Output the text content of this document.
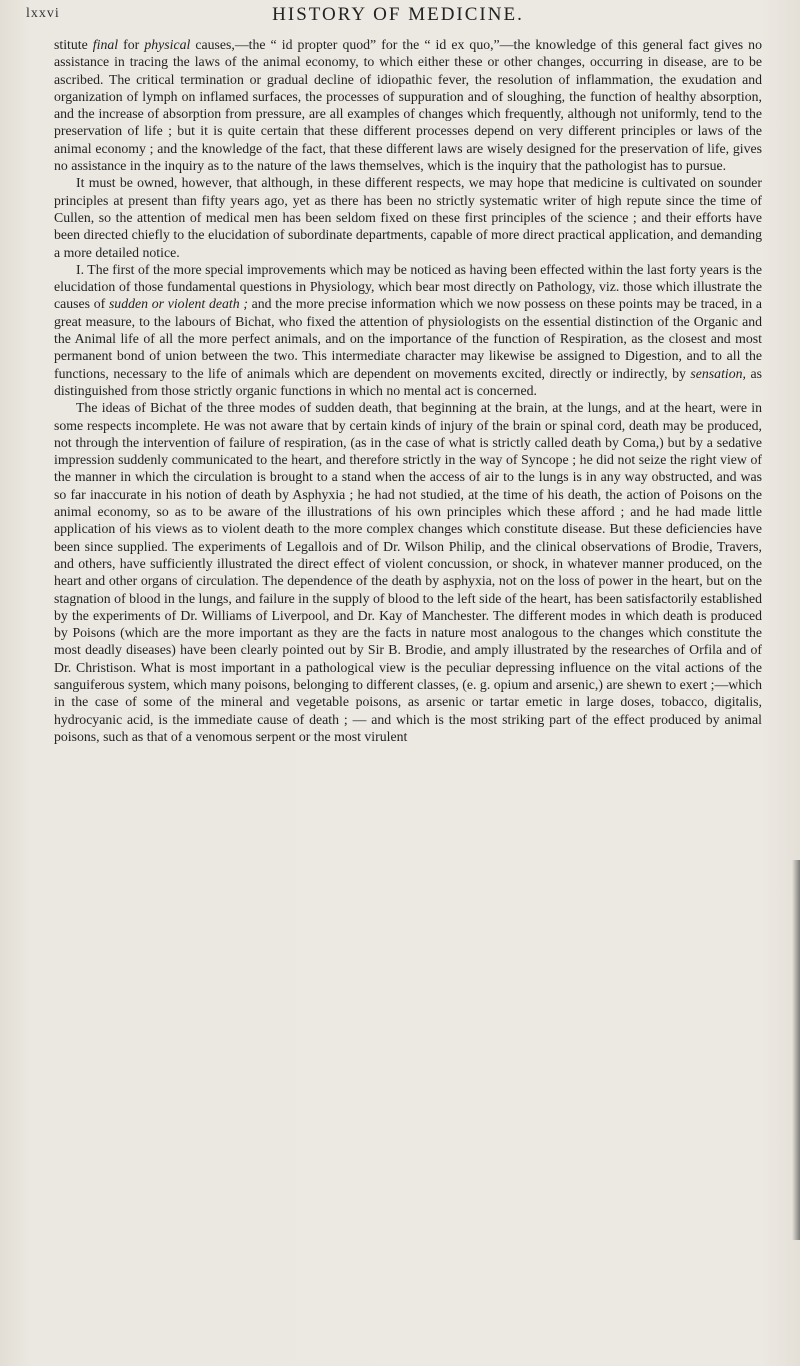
lxxvi	HISTORY OF MEDICINE.

stitute final for physical causes,—the “ id propter quod” for the “ id ex quo,”—the knowledge of this general fact gives no assistance in tracing the laws of the animal economy, to which either these or other changes, occurring in disease, are to be ascribed. The critical termination or gradual decline of idiopathic fever, the resolution of inflammation, the exudation and organization of lymph on inflamed surfaces, the processes of suppuration and of sloughing, the function of healthy absorption, and the increase of absorption from pressure, are all examples of changes which frequently, although not uniformly, tend to the preservation of life ; but it is quite certain that these different processes depend on very different principles or laws of the animal economy ; and the knowledge of the fact, that these different laws are wisely designed for the preservation of life, gives no assistance in the inquiry as to the nature of the laws themselves, which is the inquiry that the pathologist has to pursue.

It must be owned, however, that although, in these different respects, we may hope that medicine is cultivated on sounder principles at present than fifty years ago, yet as there has been no strictly systematic writer of high repute since the time of Cullen, so the attention of medical men has been seldom fixed on these first principles of the science ; and their efforts have been directed chiefly to the elucidation of subordinate departments, capable of more direct practical application, and demanding a more detailed notice.

I. The first of the more special improvements which may be noticed as having been effected within the last forty years is the elucidation of those fundamental questions in Physiology, which bear most directly on Pathology, viz. those which illustrate the causes of sudden or violent death ; and the more precise information which we now possess on these points may be traced, in a great measure, to the labours of Bichat, who fixed the attention of physiologists on the essential distinction of the Organic and the Animal life of all the more perfect animals, and on the importance of the function of Respiration, as the closest and most permanent bond of union between the two. This intermediate character may likewise be assigned to Digestion, and to all the functions, necessary to the life of animals which are dependent on movements excited, directly or indirectly, by sensation, as distinguished from those strictly organic functions in which no mental act is concerned.

The ideas of Bichat of the three modes of sudden death, that beginning at the brain, at the lungs, and at the heart, were in some respects incomplete. He was not aware that by certain kinds of injury of the brain or spinal cord, death may be produced, not through the intervention of failure of respiration, (as in the case of what is strictly called death by Coma,) but by a sedative impression suddenly communicated to the heart, and therefore strictly in the way of Syncope ; he did not seize the right view of the manner in which the circulation is brought to a stand when the access of air to the lungs is in any way obstructed, and was so far inaccurate in his notion of death by Asphyxia ; he had not studied, at the time of his death, the action of Poisons on the animal economy, so as to be aware of the illustrations of his own principles which these afford ; and he had made little application of his views as to violent death to the more complex changes which constitute disease. But these deficiencies have been since supplied. The experiments of Legallois and of Dr. Wilson Philip, and the clinical observations of Brodie, Travers, and others, have sufficiently illustrated the direct effect of violent concussion, or shock, in whatever manner produced, on the heart and other organs of circulation. The dependence of the death by asphyxia, not on the loss of power in the heart, but on the stagnation of blood in the lungs, and failure in the supply of blood to the left side of the heart, has been satisfactorily established by the experiments of Dr. Williams of Liverpool, and Dr. Kay of Manchester. The different modes in which death is produced by Poisons (which are the more important as they are the facts in nature most analogous to the changes which constitute the most deadly diseases) have been clearly pointed out by Sir B. Brodie, and amply illustrated by the researches of Orfila and of Dr. Christison. What is most important in a pathological view is the peculiar depressing influence on the vital actions of the sanguiferous system, which many poisons, belonging to different classes, (e. g. opium and arsenic,) are shewn to exert ;—which in the case of some of the mineral and vegetable poisons, as arsenic or tartar emetic in large doses, tobacco, digitalis, hydrocyanic acid, is the immediate cause of death ; — and which is the most striking part of the effect produced by animal poisons, such as that of a venomous serpent or the most virulent
